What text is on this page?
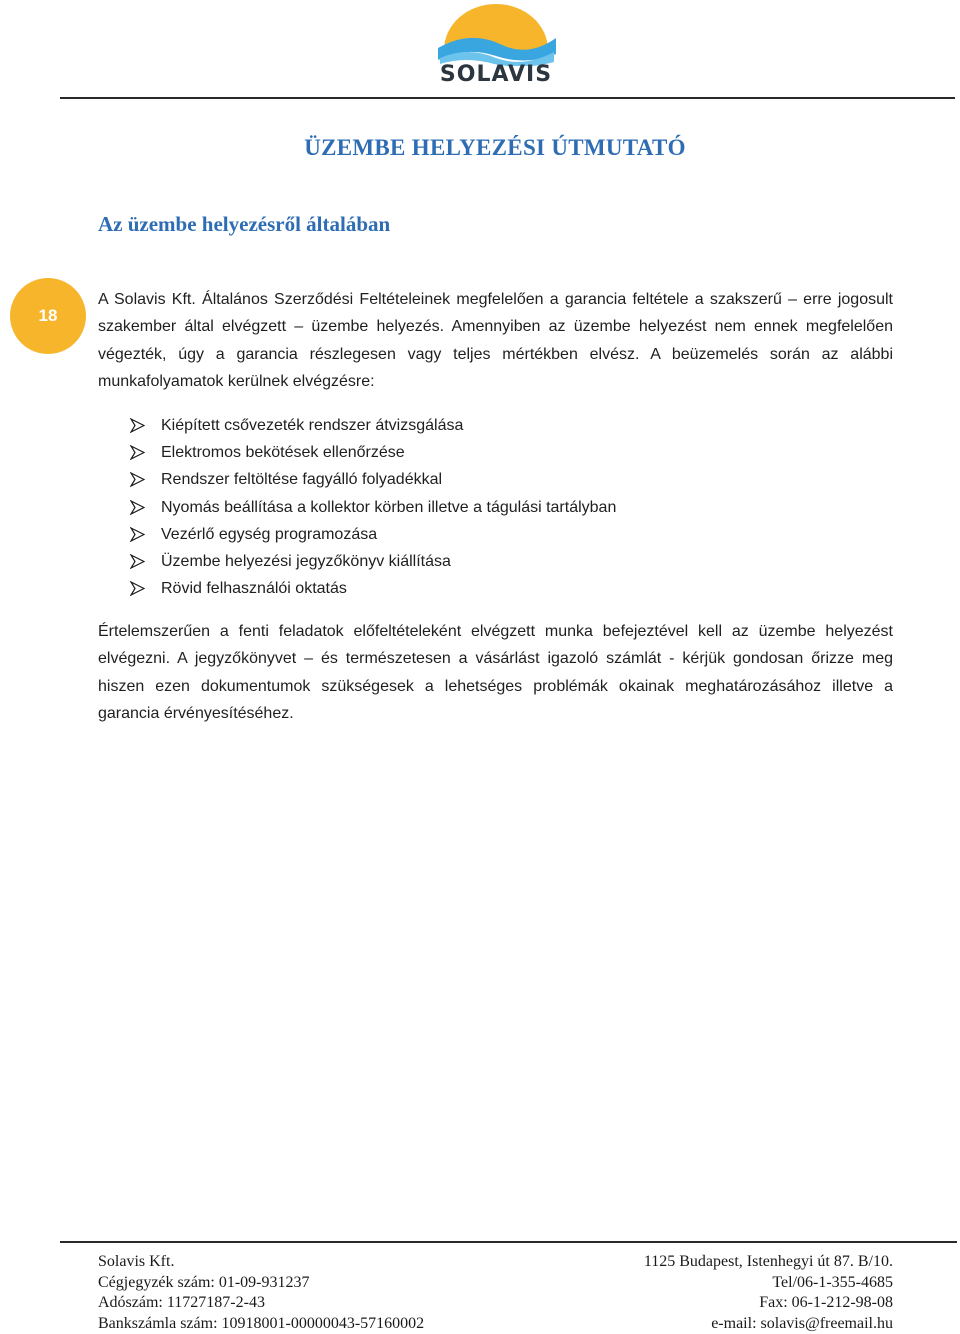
SOLAVIS
ÜZEMBE HELYEZÉSI ÚTMUTATÓ
Az üzembe helyezésről általában
18

A Solavis Kft. Általános Szerződési Feltételeinek megfelelően a garancia feltétele a szakszerű – erre jogosult szakember által elvégzett – üzembe helyezés. Amennyiben az üzembe helyezést nem ennek megfelelően végezték, úgy a garancia részlegesen vagy teljes mértékben elvész. A beüzemelés során az alábbi munkafolyamatok kerülnek elvégzésre:

Kiépített csővezeték rendszer átvizsgálása
Elektromos bekötések ellenőrzése
Rendszer feltöltése fagyálló folyadékkal
Nyomás beállítása a kollektor körben illetve a tágulási tartályban
Vezérlő egység programozása
Üzembe helyezési jegyzőkönyv kiállítása
Rövid felhasználói oktatás

Értelemszerűen a fenti feladatok előfeltételeként elvégzett munka befejeztével kell az üzembe helyezést elvégezni. A jegyzőkönyvet – és természetesen a vásárlást igazoló számlát - kérjük gondosan őrizze meg hiszen ezen dokumentumok szükségesek a lehetséges problémák okainak meghatározásához illetve a garancia érvényesítéséhez.

Solavis Kft.	1125 Budapest, Istenhegyi út 87. B/10.
Cégjegyzék szám: 01-09-931237	Tel/06-1-355-4685
Adószám: 11727187-2-43	Fax: 06-1-212-98-08
Bankszámla szám: 10918001-00000043-57160002	e-mail: solavis@freemail.hu
